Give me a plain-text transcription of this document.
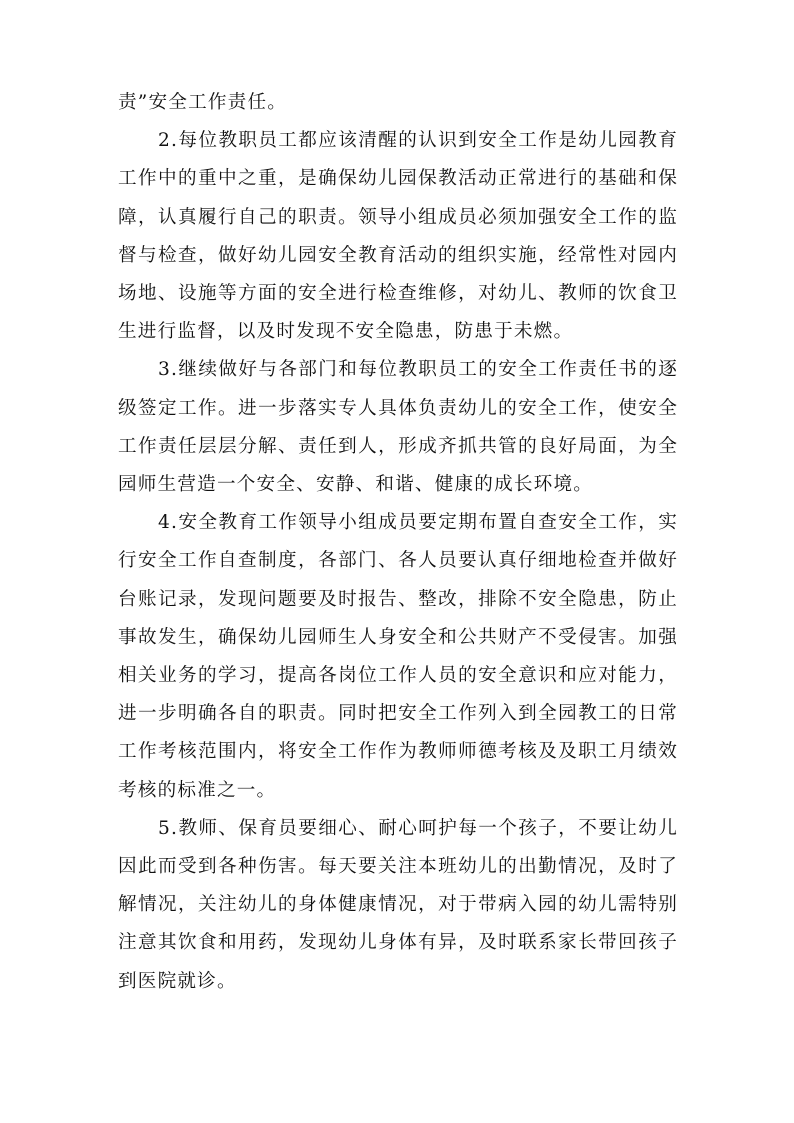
责”安全工作责任。

2.每位教职员工都应该清醒的认识到安全工作是幼儿园教育工作中的重中之重，是确保幼儿园保教活动正常进行的基础和保障，认真履行自己的职责。领导小组成员必须加强安全工作的监督与检查，做好幼儿园安全教育活动的组织实施，经常性对园内场地、设施等方面的安全进行检查维修，对幼儿、教师的饮食卫生进行监督，以及时发现不安全隐患，防患于未燃。

3.继续做好与各部门和每位教职员工的安全工作责任书的逐级签定工作。进一步落实专人具体负责幼儿的安全工作，使安全工作责任层层分解、责任到人，形成齐抓共管的良好局面，为全园师生营造一个安全、安静、和谐、健康的成长环境。

4.安全教育工作领导小组成员要定期布置自查安全工作，实行安全工作自查制度，各部门、各人员要认真仔细地检查并做好台账记录，发现问题要及时报告、整改，排除不安全隐患，防止事故发生，确保幼儿园师生人身安全和公共财产不受侵害。加强相关业务的学习，提高各岗位工作人员的安全意识和应对能力，进一步明确各自的职责。同时把安全工作列入到全园教工的日常工作考核范围内，将安全工作作为教师师德考核及及职工月绩效考核的标准之一。

5.教师、保育员要细心、耐心呵护每一个孩子，不要让幼儿因此而受到各种伤害。每天要关注本班幼儿的出勤情况，及时了解情况，关注幼儿的身体健康情况，对于带病入园的幼儿需特别注意其饮食和用药，发现幼儿身体有异，及时联系家长带回孩子到医院就诊。
